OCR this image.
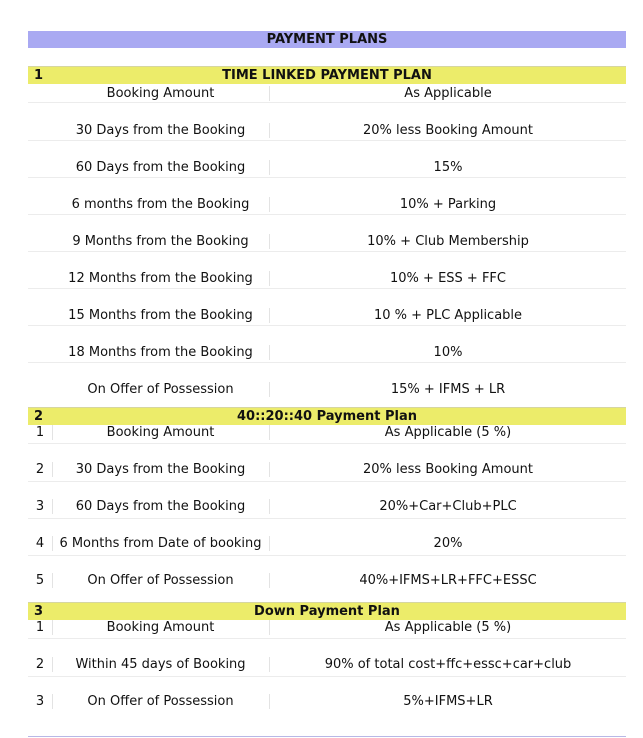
PAYMENT PLANS
1	TIME LINKED PAYMENT PLAN
Booking Amount	As Applicable
30 Days from the Booking	20% less Booking Amount
60 Days from the Booking	15%
6 months from the Booking	10% + Parking
9 Months from the Booking	10% + Club Membership
12 Months from the Booking	10% + ESS + FFC
15 Months from the Booking	10 % + PLC Applicable
18 Months from the Booking	10%
On Offer of Possession	15% + IFMS + LR
2	40::20::40 Payment Plan
1	Booking Amount	As Applicable (5 %)
2	30 Days from the Booking	20% less Booking Amount
3	60 Days from the Booking	20%+Car+Club+PLC
4	6 Months from Date of booking	20%
5	On Offer of Possession	40%+IFMS+LR+FFC+ESSC
3	Down Payment Plan
1	Booking Amount	As Applicable (5 %)
2	Within 45 days of Booking	90% of total cost+ffc+essc+car+club
3	On Offer of Possession	5%+IFMS+LR
